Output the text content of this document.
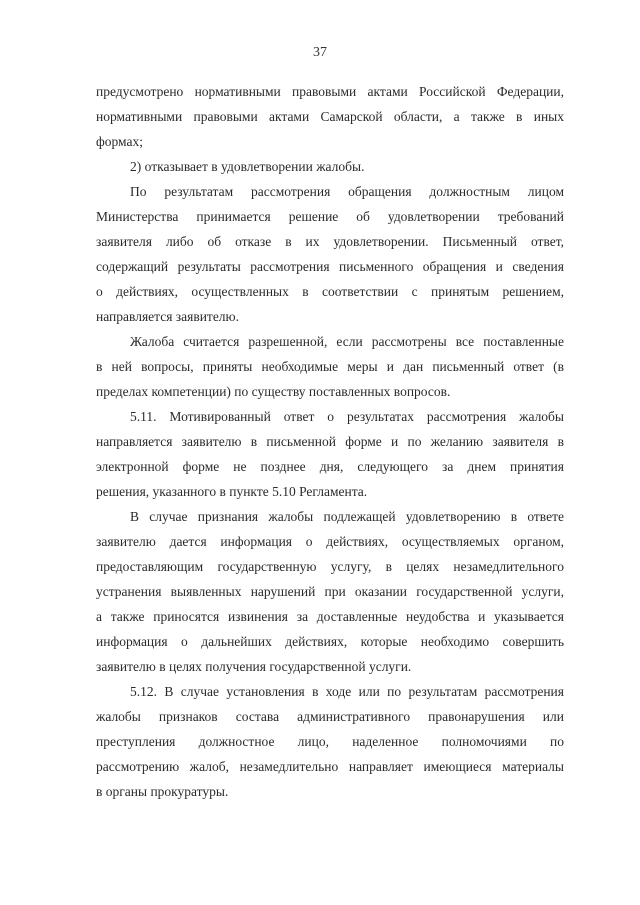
37
предусмотрено нормативными правовыми актами Российской Федерации,
нормативными правовыми актами Самарской области, а также в иных
формах;
2) отказывает в удовлетворении жалобы.
По результатам рассмотрения обращения должностным лицом
Министерства принимается решение об удовлетворении требований
заявителя либо об отказе в их удовлетворении. Письменный ответ,
содержащий результаты рассмотрения письменного обращения и сведения
о действиях, осуществленных в соответствии с принятым решением,
направляется заявителю.
Жалоба считается разрешенной, если рассмотрены все поставленные
в ней вопросы, приняты необходимые меры и дан письменный ответ (в
пределах компетенции) по существу поставленных вопросов.
5.11. Мотивированный ответ о результатах рассмотрения жалобы
направляется заявителю в письменной форме и по желанию заявителя в
электронной форме не позднее дня, следующего за днем принятия
решения, указанного в пункте 5.10 Регламента.
В случае признания жалобы подлежащей удовлетворению в ответе
заявителю дается информация о действиях, осуществляемых органом,
предоставляющим государственную услугу, в целях незамедлительного
устранения выявленных нарушений при оказании государственной услуги,
а также приносятся извинения за доставленные неудобства и указывается
информация о дальнейших действиях, которые необходимо совершить
заявителю в целях получения государственной услуги.
5.12. В случае установления в ходе или по результатам рассмотрения
жалобы признаков состава административного правонарушения или
преступления должностное лицо, наделенное полномочиями по
рассмотрению жалоб, незамедлительно направляет имеющиеся материалы
в органы прокуратуры.
